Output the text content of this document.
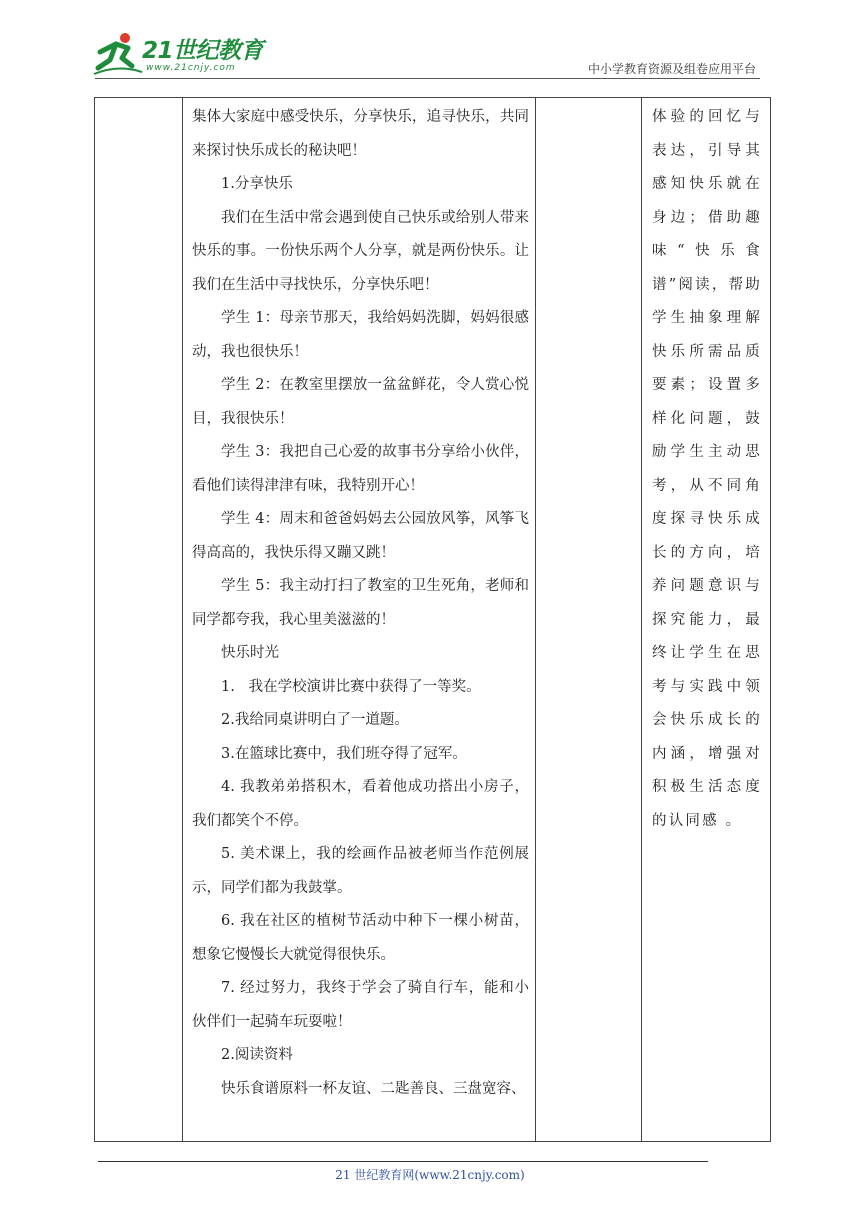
21世纪教育
www.21cnjy.com	中小学教育资源及组卷应用平台

集体大家庭中感受快乐，分享快乐，追寻快乐，共同来探讨快乐成长的秘诀吧！

1.分享快乐

我们在生活中常会遇到使自己快乐或给别人带来快乐的事。一份快乐两个人分享，就是两份快乐。让我们在生活中寻找快乐，分享快乐吧！

学生 1：母亲节那天，我给妈妈洗脚，妈妈很感动，我也很快乐！

学生 2：在教室里摆放一盆盆鲜花，令人赏心悦目，我很快乐！

学生 3：我把自己心爱的故事书分享给小伙伴，看他们读得津津有味，我特别开心！

学生 4：周末和爸爸妈妈去公园放风筝，风筝飞得高高的，我快乐得又蹦又跳！

学生 5：我主动打扫了教室的卫生死角，老师和同学都夸我，我心里美滋滋的！

快乐时光

1.   我在学校演讲比赛中获得了一等奖。

2.我给同桌讲明白了一道题。

3.在篮球比赛中，我们班夺得了冠军。

4. 我教弟弟搭积木，看着他成功搭出小房子，我们都笑个不停。

5. 美术课上，我的绘画作品被老师当作范例展示，同学们都为我鼓掌。

6. 我在社区的植树节活动中种下一棵小树苗，想象它慢慢长大就觉得很快乐。

7. 经过努力，我终于学会了骑自行车，能和小伙伴们一起骑车玩耍啦！

2.阅读资料

快乐食谱原料一杯友谊、二匙善良、三盘宽容、

体验的回忆与表达，引导其感知快乐就在身边；借助趣味“快乐食谱”阅读，帮助学生抽象理解快乐所需品质要素；设置多样化问题，鼓励学生主动思考，从不同角度探寻快乐成长的方向，培养问题意识与探究能力，最终让学生在思考与实践中领会快乐成长的内涵，增强对积极生活态度的认同感 。
21 世纪教育网(www.21cnjy.com)
